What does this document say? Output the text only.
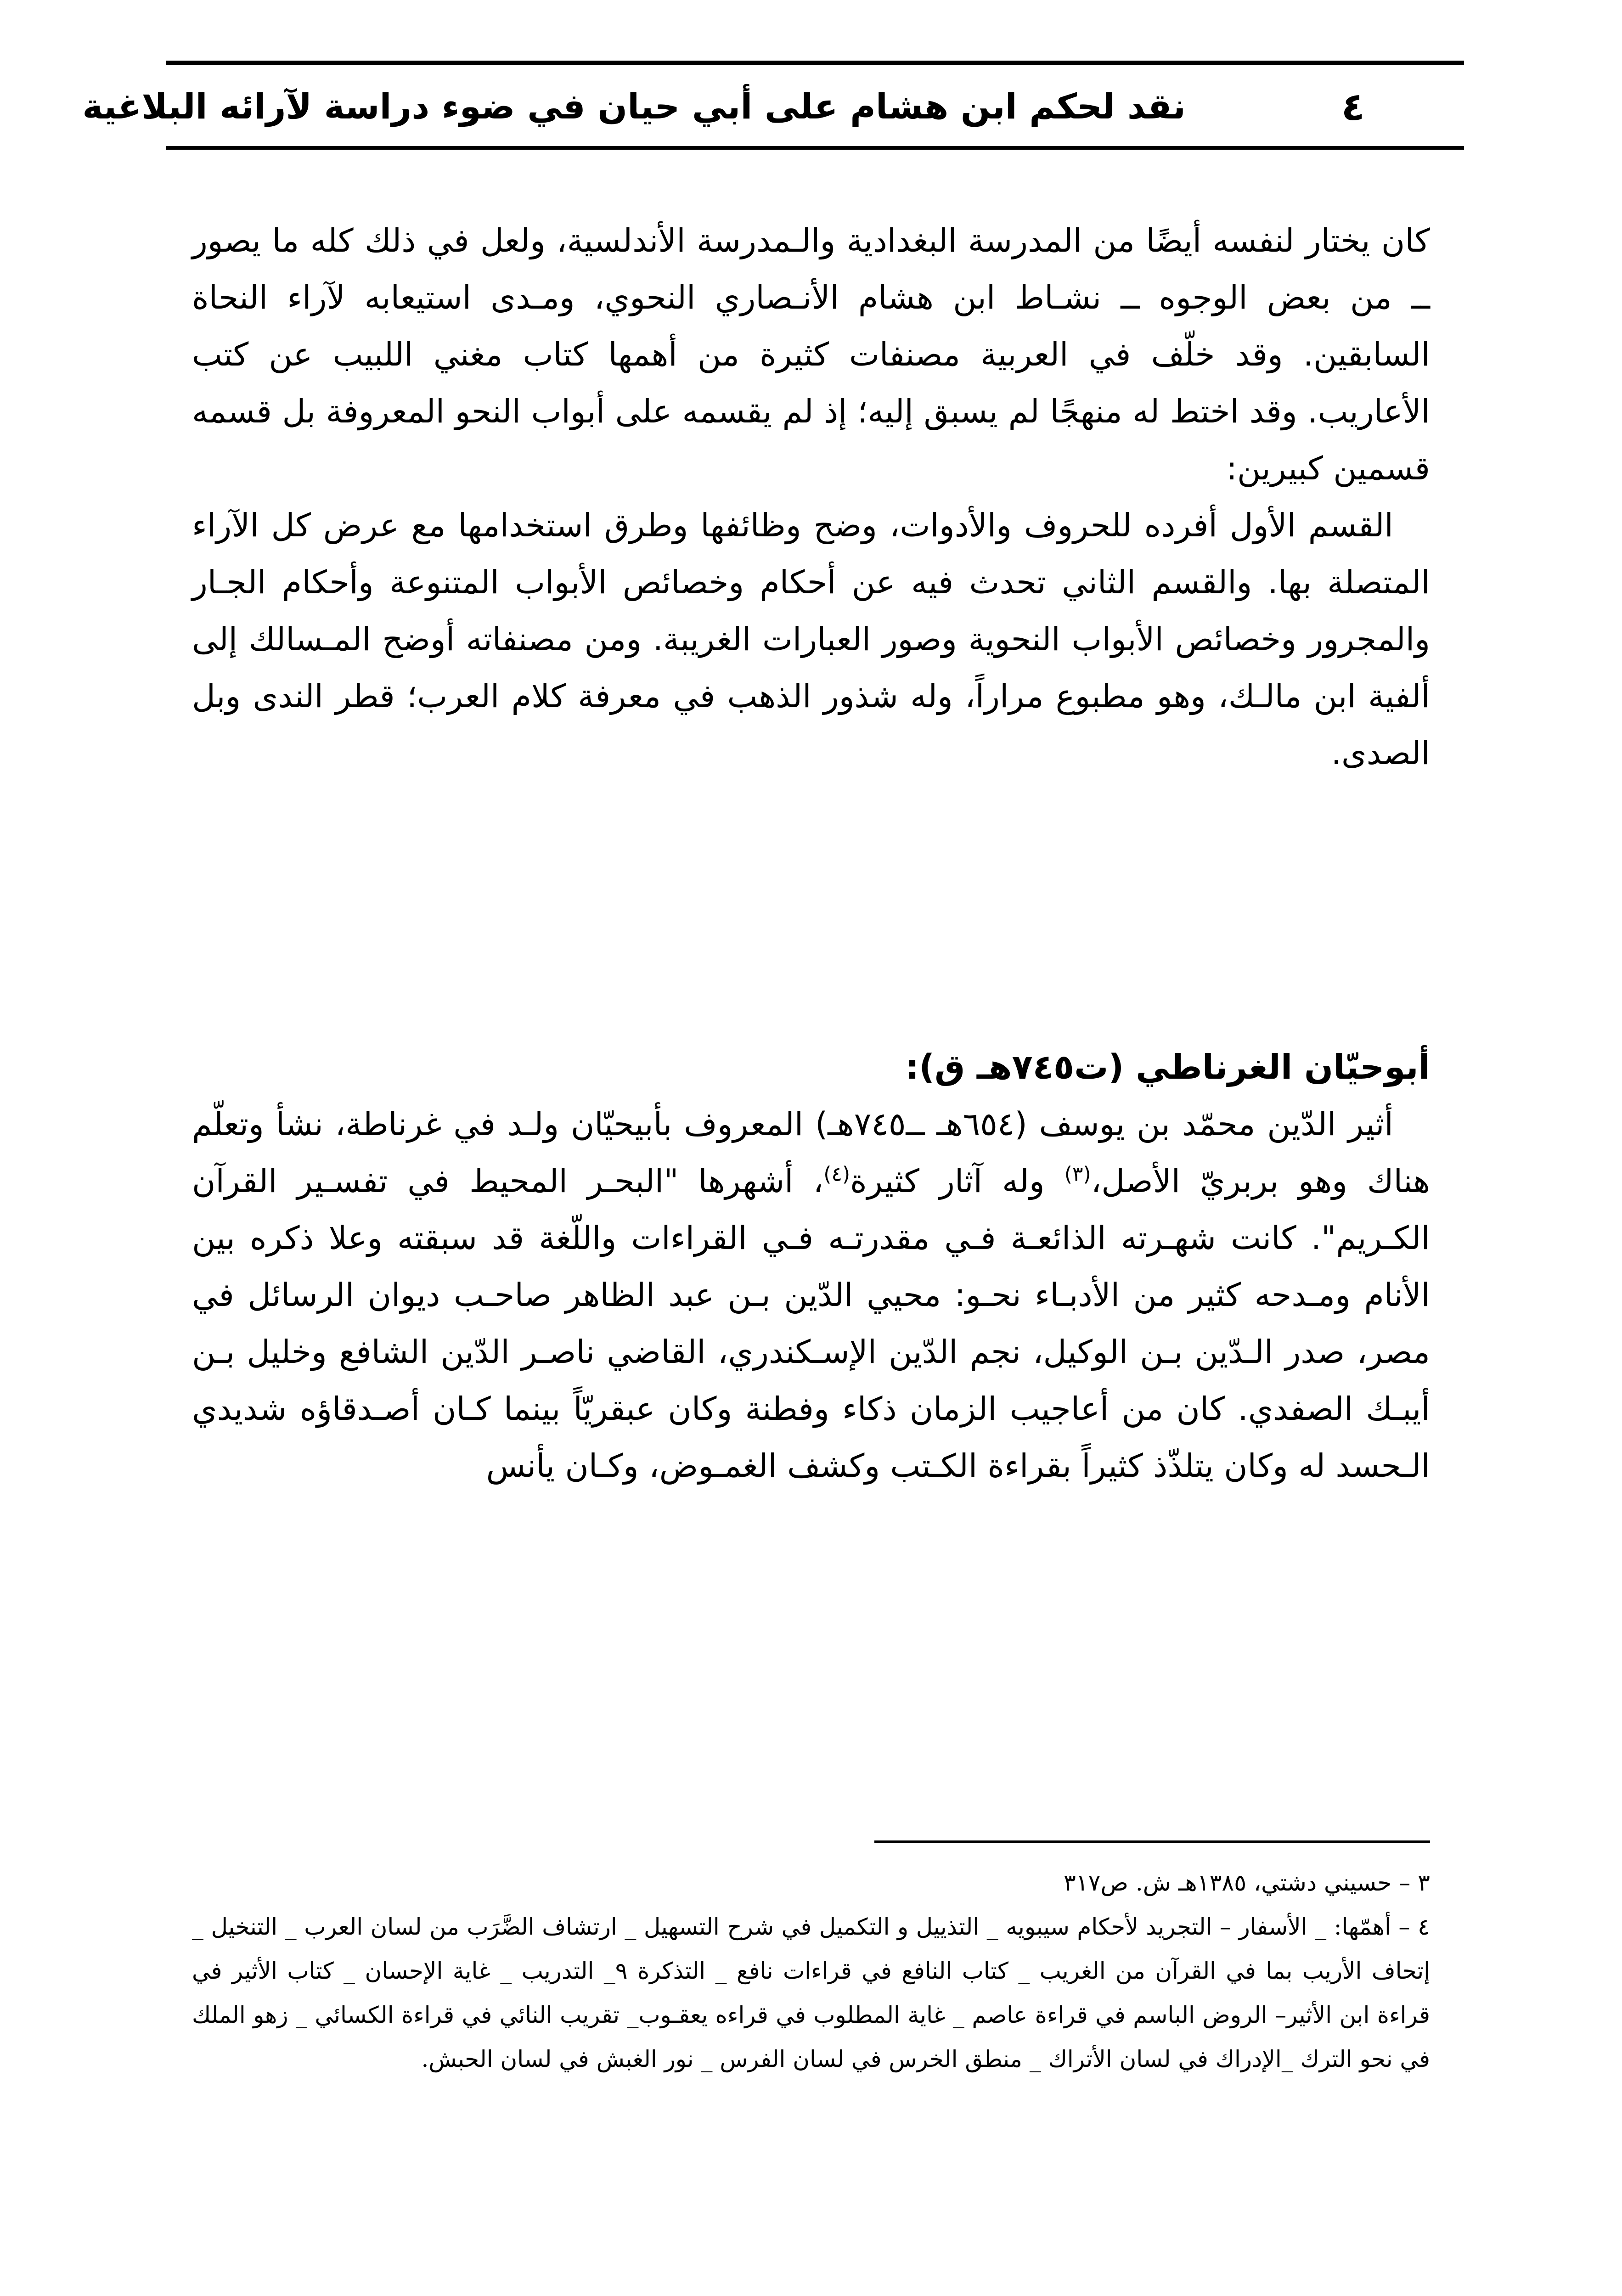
٤
نقد لحكم ابن هشام على أبي حيان في ضوء دراسة لآرائه البلاغية

كان يختار لنفسه أيضًا من المدرسة البغدادية والـمدرسة الأندلسية، ولعل في ذلك كله ما يصور ــ من بعض الوجوه ــ نشـاط ابن هشام الأنـصاري النحوي، ومـدى استيعابه لآراء النحاة السابقين. وقد خلّف في العربية مصنفات كثيرة من أهمها كتاب مغني اللبيب عن كتب الأعاريب. وقد اختط له منهجًا لم يسبق إليه؛ إذ لم يقسمه على أبواب النحو المعروفة بل قسمه قسمين كبيرين:

القسم الأول أفرده للحروف والأدوات، وضح وظائفها وطرق استخدامها مع عرض كل الآراء المتصلة بها. والقسم الثاني تحدث فيه عن أحكام وخصائص الأبواب المتنوعة وأحكام الجـار والمجرور وخصائص الأبواب النحوية وصور العبارات الغريبة. ومن مصنفاته أوضح المـسالك إلى ألفية ابن مالـك، وهو مطبوع مراراً، وله شذور الذهب في معرفة كلام العرب؛ قطر الندى وبل الصدى.

أبوحيّان الغرناطي (ت٧٤٥هـ ق):

أثير الدّين محمّد بن يوسف (٦٥٤هـ ــ٧٤٥هـ) المعروف بأبيحيّان ولـد في غرناطة، نشأ وتعلّم هناك وهو بربريّ الأصل،$^{(٣)}$ وله آثار كثيرة$^{(٤)}$، أشهرها "البحـر المحيط في تفسـير القرآن الكـريم". كانت شهـرته الذائعـة فـي مقدرتـه فـي القراءات واللّغة قد سبقته وعلا ذكره بين الأنام ومـدحه كثير من الأدبـاء نحـو: محيي الدّين بـن عبد الظاهر صاحـب ديوان الرسائل في مصر، صدر الـدّين بـن الوكيل، نجم الدّين الإسـكندري، القاضي ناصـر الدّين الشافع وخليل بـن أيبـك الصفدي. كان من أعاجيب الزمان ذكاء وفطنة وكان عبقريّاً بينما كـان أصـدقاؤه شديدي الـحسد له وكان يتلذّذ كثيراً بقراءة الكـتب وكشف الغمـوض، وكـان يأنس

٣ – حسيني دشتي، ١٣٨٥هـ ش. ص٣١٧

٤ – أهمّها: _ الأسفار – التجريد لأحكام سيبويه _ التذييل و التكميل في شرح التسهيل _ ارتشاف الضَّرَب من لسان العرب _ التنخيل _ إتحاف الأريب بما في القرآن من الغريب _ كتاب النافع في قراءات نافع _ التذكرة ٩_ التدريب _ غاية الإحسان _ كتاب الأثير في قراءة ابن الأثير– الروض الباسم في قراءة عاصم _ غاية المطلوب في قراءه يعقـوب_ تقريب النائي في قراءة الكسائي _ زهو الملك في نحو الترك _الإدراك في لسان الأتراك _ منطق الخرس في لسان الفرس _ نور الغبش في لسان الحبش.
